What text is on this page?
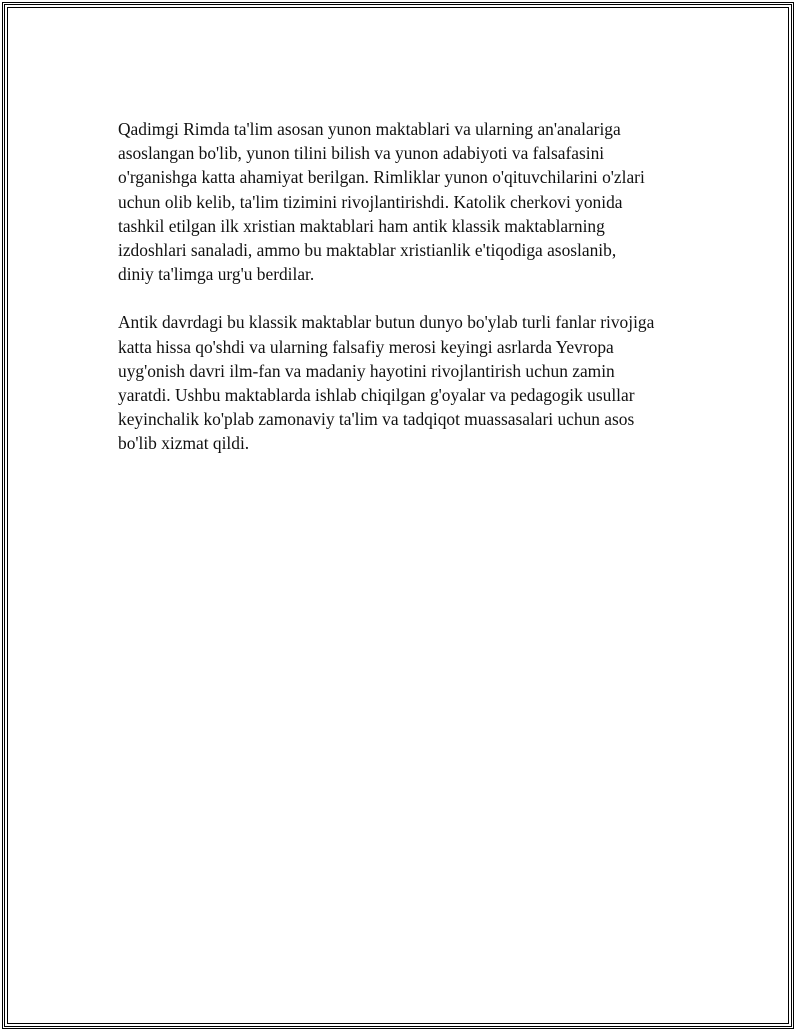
Qadimgi Rimda ta'lim asosan yunon maktablari va ularning an'analariga
asoslangan bo'lib, yunon tilini bilish va yunon adabiyoti va falsafasini
o'rganishga katta ahamiyat berilgan. Rimliklar yunon o'qituvchilarini o'zlari
uchun olib kelib, ta'lim tizimini rivojlantirishdi. Katolik cherkovi yonida
tashkil etilgan ilk xristian maktablari ham antik klassik maktablarning
izdoshlari sanaladi, ammo bu maktablar xristianlik e'tiqodiga asoslanib,
diniy ta'limga urg'u berdilar.

Antik davrdagi bu klassik maktablar butun dunyo bo'ylab turli fanlar rivojiga
katta hissa qo'shdi va ularning falsafiy merosi keyingi asrlarda Yevropa
uyg'onish davri ilm-fan va madaniy hayotini rivojlantirish uchun zamin
yaratdi. Ushbu maktablarda ishlab chiqilgan g'oyalar va pedagogik usullar
keyinchalik ko'plab zamonaviy ta'lim va tadqiqot muassasalari uchun asos
bo'lib xizmat qildi.
